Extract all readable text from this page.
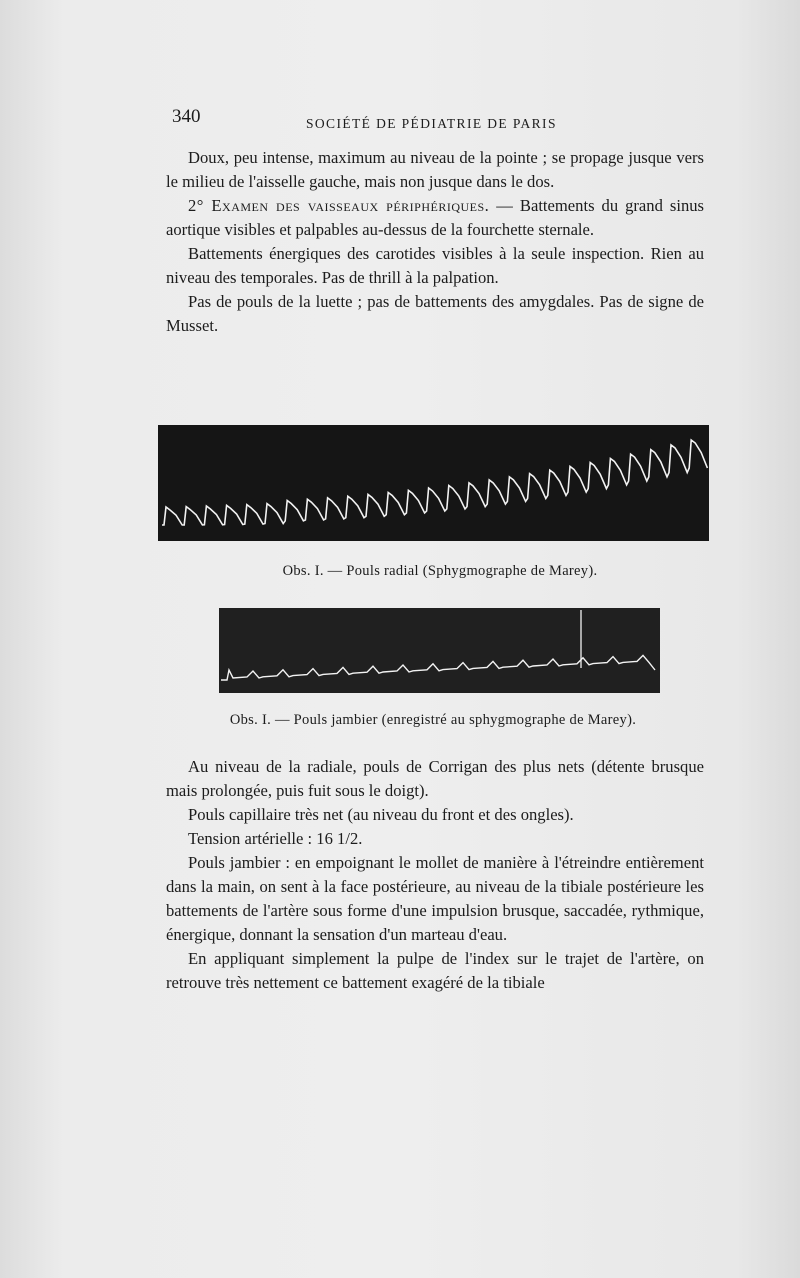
340	SOCIÉTÉ DE PÉDIATRIE DE PARIS

Doux, peu intense, maximum au niveau de la pointe ; se propage jusque vers le milieu de l'aisselle gauche, mais non jusque dans le dos.

2° Examen des vaisseaux périphériques. — Battements du grand sinus aortique visibles et palpables au-dessus de la fourchette sternale.

Battements énergiques des carotides visibles à la seule inspection. Rien au niveau des temporales. Pas de thrill à la palpation.

Pas de pouls de la luette ; pas de battements des amygdales. Pas de signe de Musset.

Obs. I. — Pouls radial (Sphygmographe de Marey).
Obs. I. — Pouls jambier (enregistré au sphygmographe de Marey).

Au niveau de la radiale, pouls de Corrigan des plus nets (détente brusque mais prolongée, puis fuit sous le doigt).

Pouls capillaire très net (au niveau du front et des ongles).

Tension artérielle : 16 1/2.

Pouls jambier : en empoignant le mollet de manière à l'étreindre entièrement dans la main, on sent à la face postérieure, au niveau de la tibiale postérieure les battements de l'artère sous forme d'une impulsion brusque, saccadée, rythmique, énergique, donnant la sensation d'un marteau d'eau.

En appliquant simplement la pulpe de l'index sur le trajet de l'artère, on retrouve très nettement ce battement exagéré de la tibiale
